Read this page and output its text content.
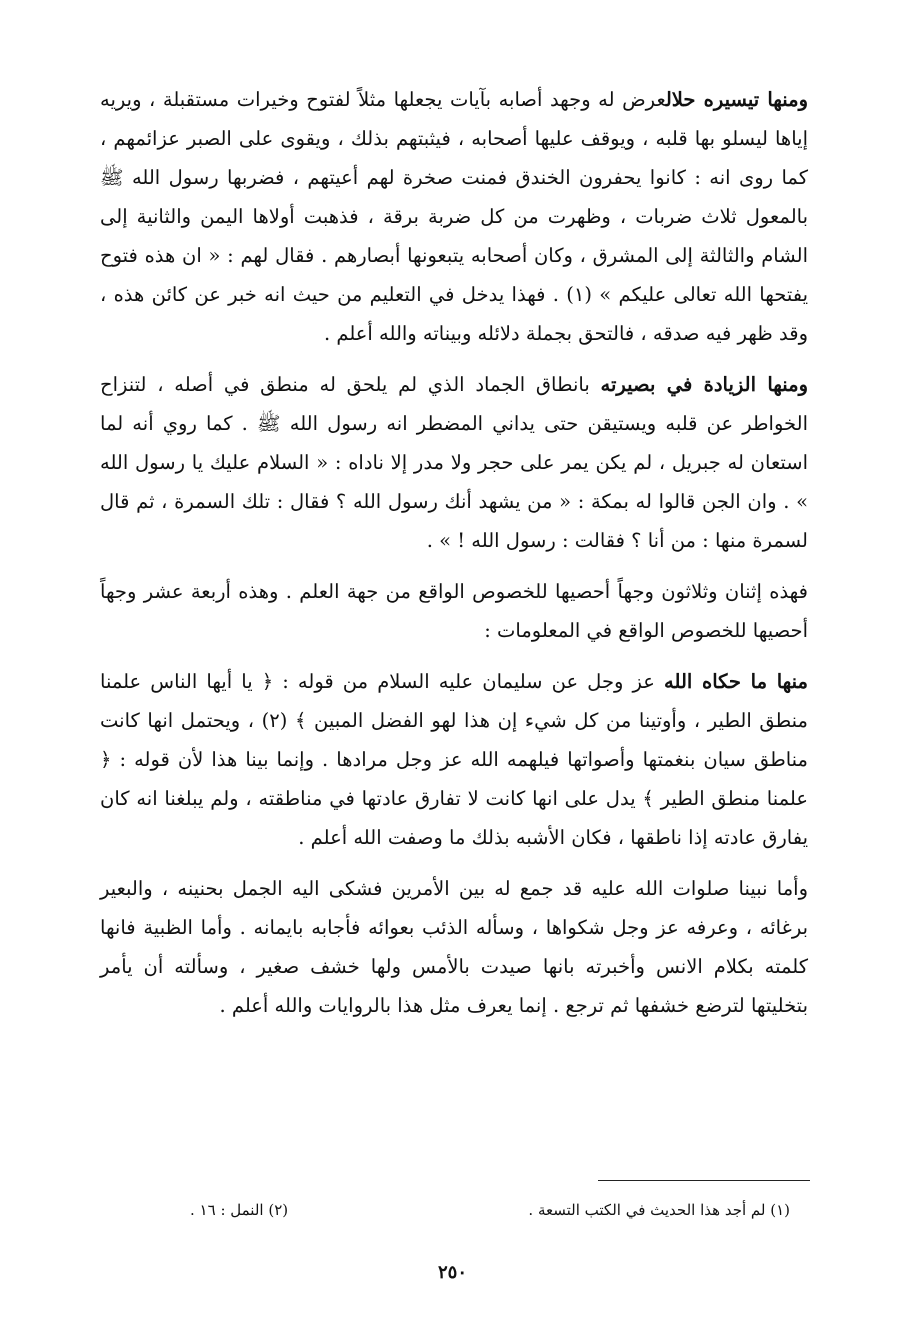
ومنها تيسيره حلالعرض له وجهد أصابه بآيات يجعلها مثلاً لفتوح وخيرات مستقبلة ، ويريه إياها ليسلو بها قلبه ، ويوقف عليها أصحابه ، فيثبتهم بذلك ، ويقوى على الصبر عزائمهم ، كما روى انه : كانوا يحفرون الخندق فمنت صخرة لهم أعيتهم ، فضربها رسول الله ﷺ بالمعول ثلاث ضربات ، وظهرت من كل ضربة برقة ، فذهبت أولاها اليمن والثانية إلى الشام والثالثة إلى المشرق ، وكان أصحابه يتبعونها أبصارهم . فقال لهم : « ان هذه فتوح يفتحها الله تعالى عليكم » (١) . فهذا يدخل في التعليم من حيث انه خبر عن كائن هذه ، وقد ظهر فيه صدقه ، فالتحق بجملة دلائله وبيناته والله أعلم .

ومنها الزيادة في بصيرته بانطاق الجماد الذي لم يلحق له منطق في أصله ، لتنزاح الخواطر عن قلبه ويستيقن حتى يداني المضطر انه رسول الله ﷺ . كما روي أنه لما استعان له جبريل ، لم يكن يمر على حجر ولا مدر إلا ناداه : « السلام عليك يا رسول الله » . وان الجن قالوا له بمكة : « من يشهد أنك رسول الله ؟ فقال : تلك السمرة ، ثم قال لسمرة منها : من أنا ؟ فقالت : رسول الله ! » .

فهذه إثنان وثلاثون وجهاً أحصيها للخصوص الواقع من جهة العلم . وهذه أربعة عشر وجهاً أحصيها للخصوص الواقع في المعلومات :

منها ما حكاه الله عز وجل عن سليمان عليه السلام من قوله : ﴿ يا أيها الناس علمنا منطق الطير ، وأوتينا من كل شيء إن هذا لهو الفضل المبين ﴾ (٢) ، ويحتمل انها كانت مناطق سيان بنغمتها وأصواتها فيلهمه الله عز وجل مرادها . وإنما بينا هذا لأن قوله : ﴿ علمنا منطق الطير ﴾ يدل على انها كانت لا تفارق عادتها في مناطقته ، ولم يبلغنا انه كان يفارق عادته إذا ناطقها ، فكان الأشبه بذلك ما وصفت الله أعلم .

وأما نبينا صلوات الله عليه قد جمع له بين الأمرين فشكى اليه الجمل بحنينه ، والبعير برغائه ، وعرفه عز وجل شكواها ، وسأله الذئب بعوائه فأجابه بايمانه . وأما الظبية فانها كلمته بكلام الانس وأخبرته بانها صيدت بالأمس ولها خشف صغير ، وسألته أن يأمر بتخليتها لترضع خشفها ثم ترجع . إنما يعرف مثل هذا بالروايات والله أعلم .

(١) لم أجد هذا الحديث في الكتب التسعة .
(٢) النمل : ١٦ .
٢٥٠
